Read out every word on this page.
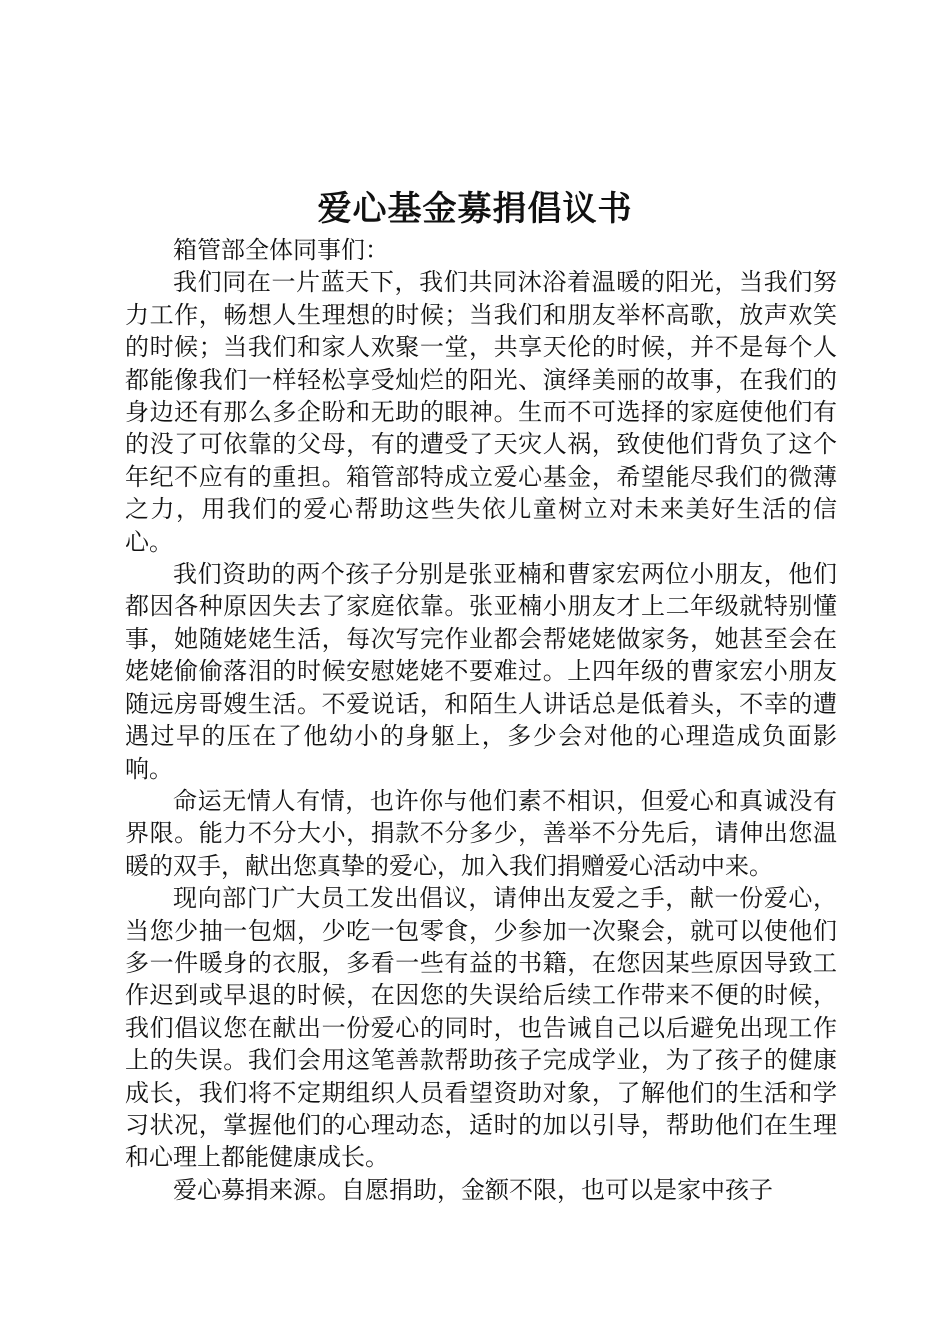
爱心基金募捐倡议书

箱管部全体同事们：

我们同在一片蓝天下，我们共同沐浴着温暖的阳光，当我们努力工作，畅想人生理想的时候；当我们和朋友举杯高歌，放声欢笑的时候；当我们和家人欢聚一堂，共享天伦的时候，并不是每个人都能像我们一样轻松享受灿烂的阳光、演绎美丽的故事，在我们的身边还有那么多企盼和无助的眼神。生而不可选择的家庭使他们有的没了可依靠的父母，有的遭受了天灾人祸，致使他们背负了这个年纪不应有的重担。箱管部特成立爱心基金，希望能尽我们的微薄之力，用我们的爱心帮助这些失依儿童树立对未来美好生活的信心。

我们资助的两个孩子分别是张亚楠和曹家宏两位小朋友，他们都因各种原因失去了家庭依靠。张亚楠小朋友才上二年级就特别懂事，她随姥姥生活，每次写完作业都会帮姥姥做家务，她甚至会在姥姥偷偷落泪的时候安慰姥姥不要难过。上四年级的曹家宏小朋友随远房哥嫂生活。不爱说话，和陌生人讲话总是低着头，不幸的遭遇过早的压在了他幼小的身躯上，多少会对他的心理造成负面影响。

命运无情人有情，也许你与他们素不相识，但爱心和真诚没有界限。能力不分大小，捐款不分多少，善举不分先后，请伸出您温暖的双手，献出您真挚的爱心，加入我们捐赠爱心活动中来。

现向部门广大员工发出倡议，请伸出友爱之手，献一份爱心，当您少抽一包烟，少吃一包零食，少参加一次聚会，就可以使他们多一件暖身的衣服，多看一些有益的书籍，在您因某些原因导致工作迟到或早退的时候，在因您的失误给后续工作带来不便的时候，我们倡议您在献出一份爱心的同时，也告诫自己以后避免出现工作上的失误。我们会用这笔善款帮助孩子完成学业，为了孩子的健康成长，我们将不定期组织人员看望资助对象，了解他们的生活和学习状况，掌握他们的心理动态，适时的加以引导，帮助他们在生理和心理上都能健康成长。

爱心募捐来源。自愿捐助，金额不限，也可以是家中孩子
